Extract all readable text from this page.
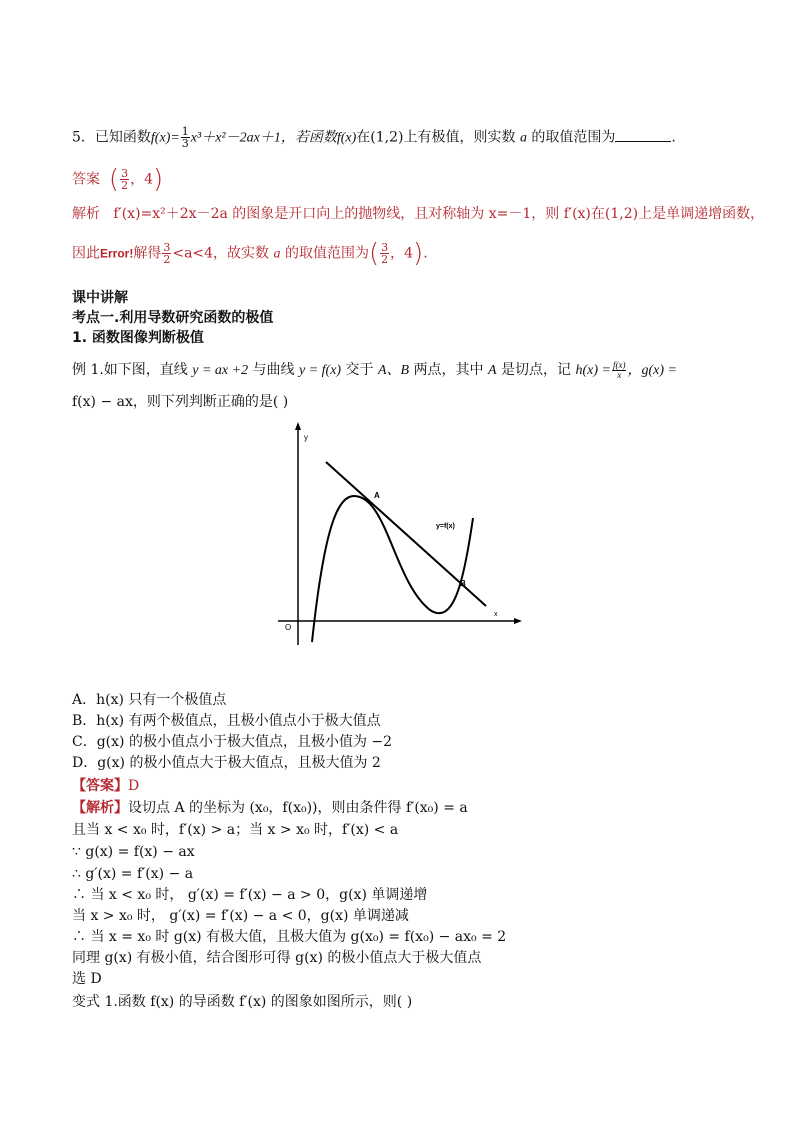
5．已知函数$f(x)= \frac{1}{3} x^3+x^2-2ax+1$，若函数f(x)在(1,2)上有极值，则实数 a 的取值范围为	.
答案 ( $\frac{3}{2}$ ，4)
解析 f′(x)=x²＋2x－2a 的图象是开口向上的抛物线，且对称轴为 x=－1，则 f′(x)在(1,2)上是单调递增函数，
因此Error!解得 $\frac{3}{2} <a<4$，故实数 a 的取值范围为( $\frac{3}{2}$ ，4).
课中讲解
考点一.利用导数研究函数的极值
1. 函数图像判断极值
例 1.如下图，直线 y = ax +2 与曲线 y = f(x) 交于 A、B 两点，其中 A 是切点，记 $h(x) = \frac{f(x)}{x}$ ，g(x) =
f(x) − ax，则下列判断正确的是( )
y
x
O
A
B
y=f(x)
A．h(x) 只有一个极值点
B．h(x) 有两个极值点，且极小值点小于极大值点
C．g(x) 的极小值点小于极大值点，且极小值为 −2
D．g(x) 的极小值点大于极大值点，且极大值为 2
【答案】D
【解析】设切点 A 的坐标为 (x₀，f(x₀))，则由条件得 f′(x₀) = a
且当 x < x₀ 时，f′(x) > a；当 x > x₀ 时，f′(x) < a
∵ g(x) = f(x) − ax
∴ g′(x) = f′(x) − a
∴ 当 x < x₀ 时， g′(x) = f′(x) − a > 0，g(x) 单调递增
当 x > x₀ 时， g′(x) = f′(x) − a < 0，g(x) 单调递减
∴ 当 x = x₀ 时 g(x) 有极大值，且极大值为 g(x₀) = f(x₀) − ax₀ = 2
同理 g(x) 有极小值，结合图形可得 g(x) 的极小值点大于极大值点
选 D
变式 1.函数 f(x) 的导函数 f′(x) 的图象如图所示，则( )
